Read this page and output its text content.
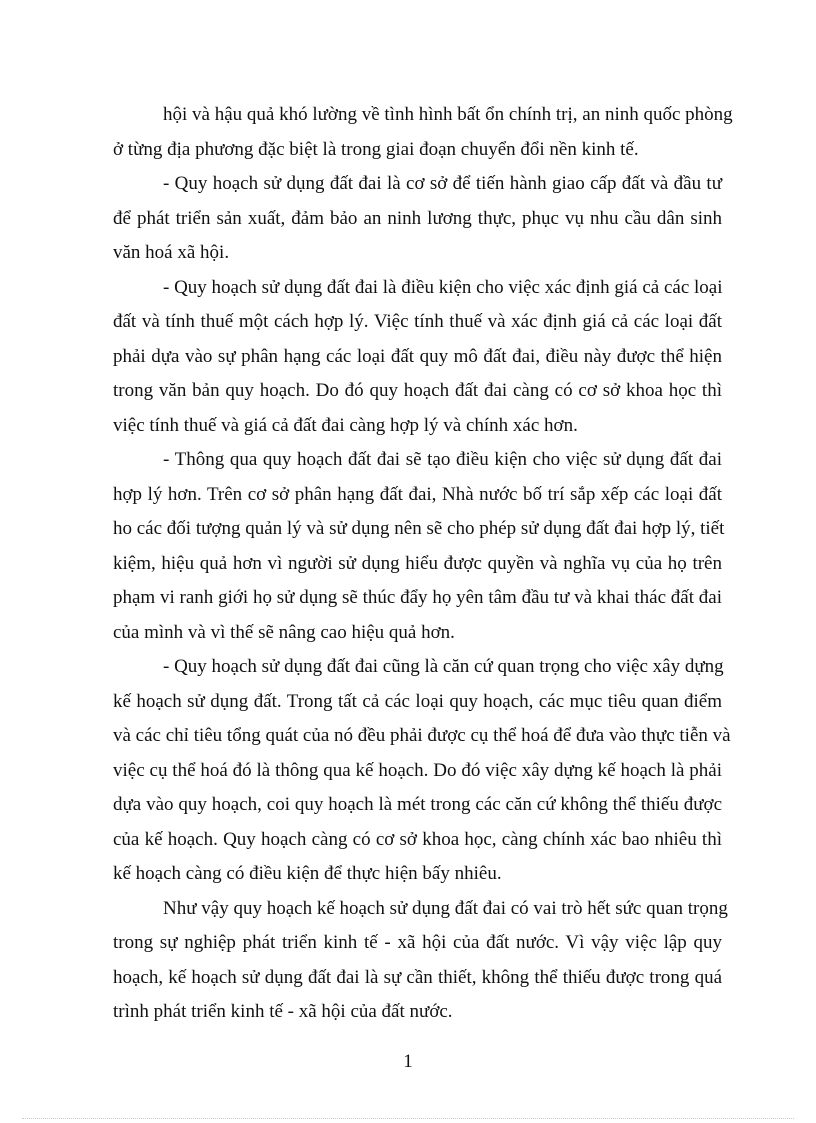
hội và hậu quả khó lường về tình hình bất ổn chính trị, an ninh quốc phòng
ở từng địa phương đặc biệt là trong giai đoạn chuyển đổi nền kinh tế.
- Quy hoạch sử dụng đất đai là cơ sở để tiến hành giao cấp đất và đầu tư
để phát triển sản xuất, đảm bảo an ninh lương thực, phục vụ nhu cầu dân sinh
văn hoá xã hội.
- Quy hoạch sử dụng đất đai là điều kiện cho việc xác định giá cả các loại
đất và tính thuế một cách hợp lý. Việc tính thuế và xác định giá cả các loại đất
phải dựa vào sự phân hạng các loại đất quy mô đất đai, điều này được thể hiện
trong văn bản quy hoạch. Do đó quy hoạch đất đai càng có cơ sở khoa học thì
việc tính thuế và giá cả đất đai càng hợp lý và chính xác hơn.
- Thông qua quy hoạch đất đai sẽ tạo điều kiện cho việc sử dụng đất đai
hợp lý hơn. Trên cơ sở phân hạng đất đai, Nhà nước bố trí sắp xếp các loại đất
ho các đối tượng quản lý và sử dụng nên sẽ cho phép sử dụng đất đai hợp lý, tiết
kiệm, hiệu quả hơn vì người sử dụng hiểu được quyền và nghĩa vụ của họ trên
phạm vi ranh giới họ sử dụng sẽ thúc đẩy họ yên tâm đầu tư và khai thác đất đai
của mình và vì thế sẽ nâng cao hiệu quả hơn.
- Quy hoạch sử dụng đất đai cũng là căn cứ quan trọng cho việc xây dựng
kế hoạch sử dụng đất. Trong tất cả các loại quy hoạch, các mục tiêu quan điểm
và các chỉ tiêu tổng quát của nó đều phải được cụ thể hoá để đưa vào thực tiễn và
việc cụ thể hoá đó là thông qua kế hoạch. Do đó việc xây dựng kế hoạch là phải
dựa vào quy hoạch, coi quy hoạch là mét trong các căn cứ không thể thiếu được
của kế hoạch. Quy hoạch càng có cơ sở khoa học, càng chính xác bao nhiêu thì
kế hoạch càng có điều kiện để thực hiện bấy nhiêu.
Như vậy quy hoạch kế hoạch sử dụng đất đai có vai trò hết sức quan trọng
trong sự nghiệp phát triển kinh tế - xã hội của đất nước. Vì vậy việc lập quy
hoạch, kế hoạch sử dụng đất đai là sự cần thiết, không thể thiếu được trong quá
trình phát triển kinh tế - xã hội của đất nước.
1
